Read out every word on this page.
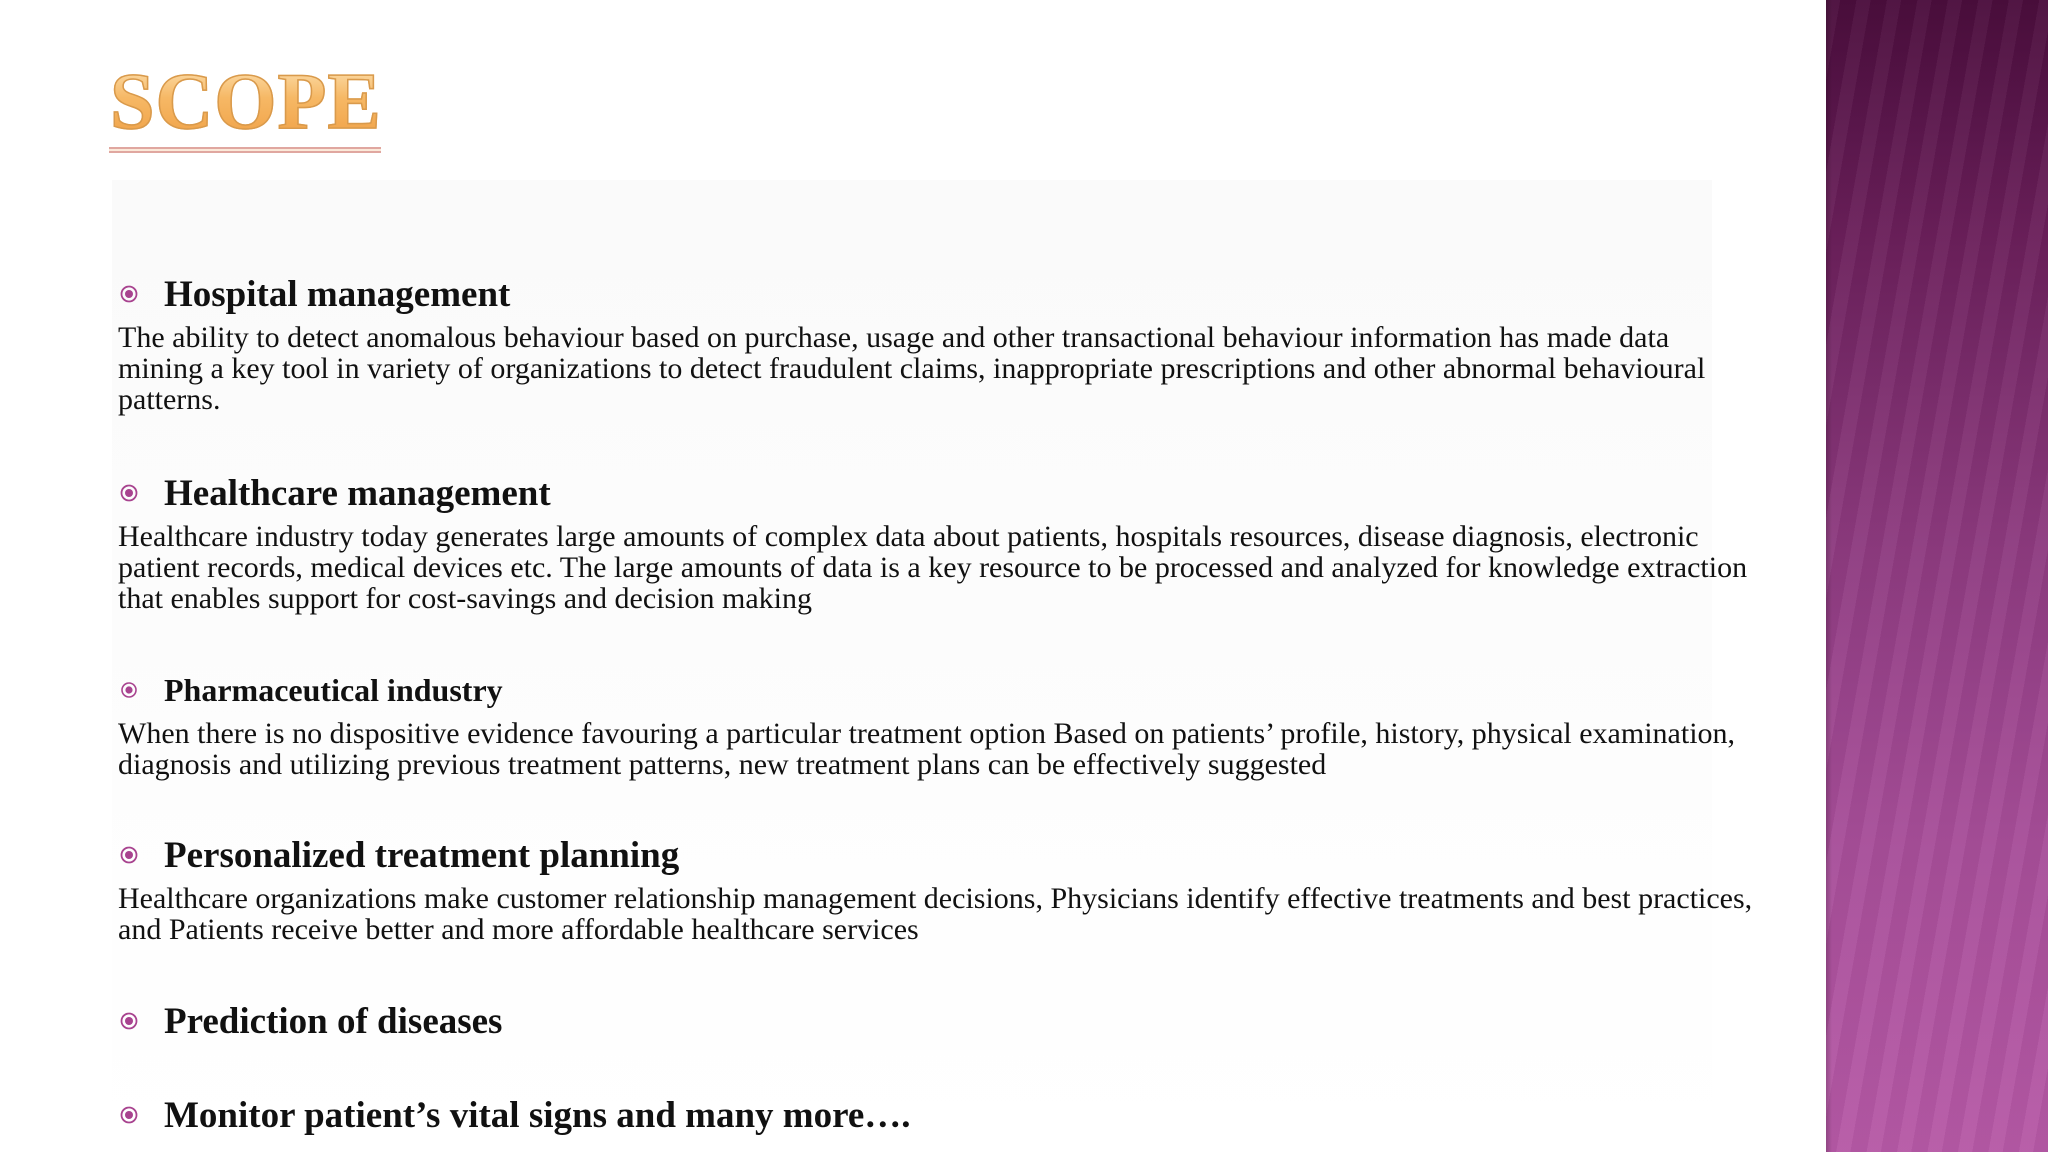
SCOPE
Hospital management
The ability to detect anomalous behaviour based on purchase, usage and other transactional behaviour information has made data mining a key tool in variety of organizations to detect fraudulent claims, inappropriate prescriptions and other abnormal behavioural patterns.
Healthcare management
Healthcare industry today generates large amounts of complex data about patients, hospitals resources, disease diagnosis, electronic patient records, medical devices etc. The large amounts of data is a key resource to be processed and analyzed for knowledge extraction that enables support for cost-savings and decision making
Pharmaceutical industry
When there is no dispositive evidence favouring a particular treatment option Based on patients’ profile, history, physical examination, diagnosis and utilizing previous treatment patterns, new treatment plans can be effectively suggested
Personalized treatment planning
Healthcare organizations make customer relationship management decisions, Physicians identify effective treatments and best practices, and Patients receive better and more affordable healthcare services
Prediction of diseases
Monitor patient’s vital signs and many more….
